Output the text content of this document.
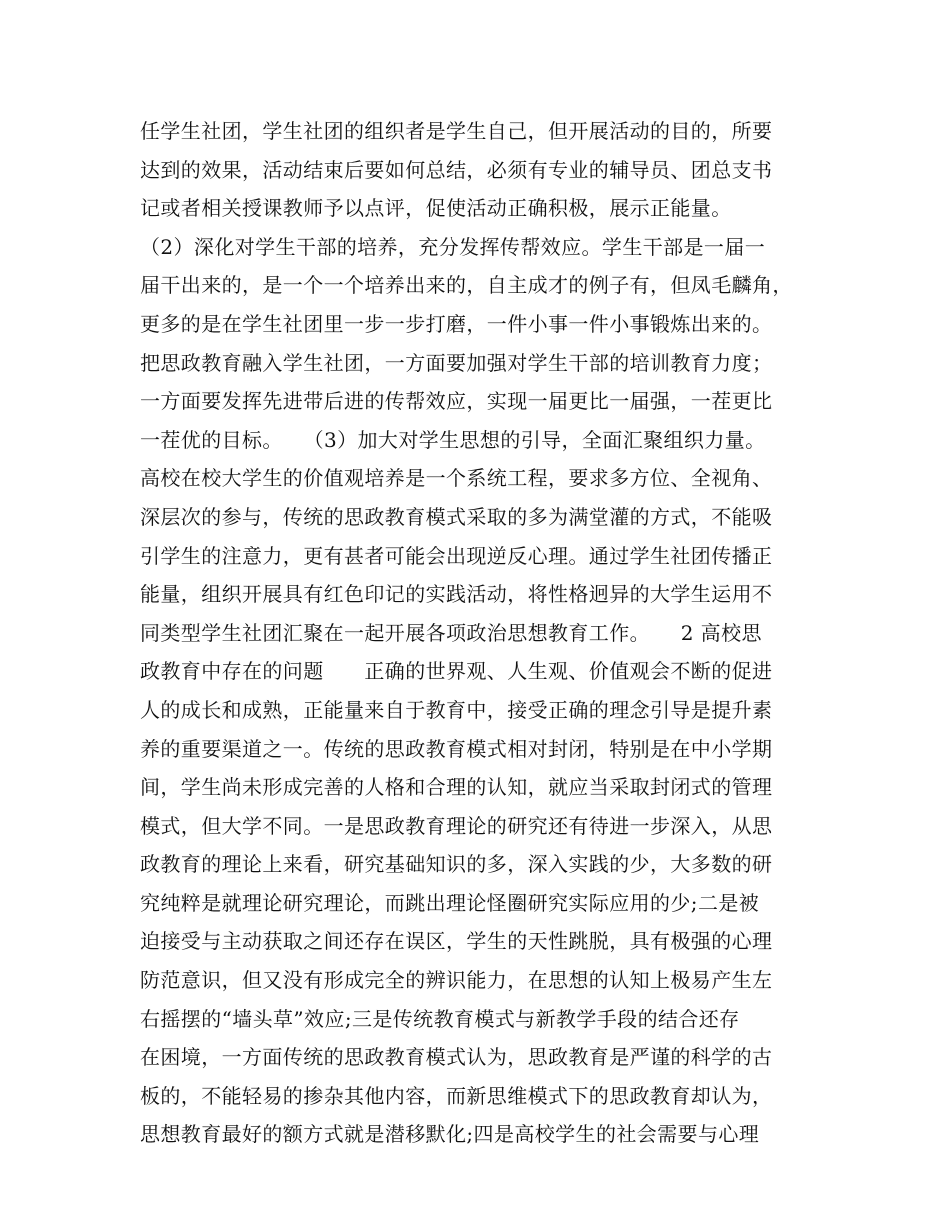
任学生社团，学生社团的组织者是学生自己，但开展活动的目的，所要
达到的效果，活动结束后要如何总结，必须有专业的辅导员、团总支书
记或者相关授课教师予以点评，促使活动正确积极，展示正能量。
（2）深化对学生干部的培养，充分发挥传帮效应。学生干部是一届一
届干出来的，是一个一个培养出来的，自主成才的例子有，但凤毛麟角，
更多的是在学生社团里一步一步打磨，一件小事一件小事锻炼出来的。
把思政教育融入学生社团，一方面要加强对学生干部的培训教育力度；
一方面要发挥先进带后进的传帮效应，实现一届更比一届强，一茬更比
一茬优的目标。　　（3）加大对学生思想的引导，全面汇聚组织力量。
高校在校大学生的价值观培养是一个系统工程，要求多方位、全视角、
深层次的参与，传统的思政教育模式采取的多为满堂灌的方式，不能吸
引学生的注意力，更有甚者可能会出现逆反心理。通过学生社团传播正
能量，组织开展具有红色印记的实践活动，将性格迥异的大学生运用不
同类型学生社团汇聚在一起开展各项政治思想教育工作。　　2 高校思
政教育中存在的问题　　正确的世界观、人生观、价值观会不断的促进
人的成长和成熟，正能量来自于教育中，接受正确的理念引导是提升素
养的重要渠道之一。传统的思政教育模式相对封闭，特别是在中小学期
间，学生尚未形成完善的人格和合理的认知，就应当采取封闭式的管理
模式，但大学不同。一是思政教育理论的研究还有待进一步深入，从思
政教育的理论上来看，研究基础知识的多，深入实践的少，大多数的研
究纯粹是就理论研究理论，而跳出理论怪圈研究实际应用的少;二是被
迫接受与主动获取之间还存在误区，学生的天性跳脱，具有极强的心理
防范意识，但又没有形成完全的辨识能力，在思想的认知上极易产生左
右摇摆的“墙头草”效应;三是传统教育模式与新教学手段的结合还存
在困境，一方面传统的思政教育模式认为，思政教育是严谨的科学的古
板的，不能轻易的掺杂其他内容，而新思维模式下的思政教育却认为，
思想教育最好的额方式就是潜移默化;四是高校学生的社会需要与心理
